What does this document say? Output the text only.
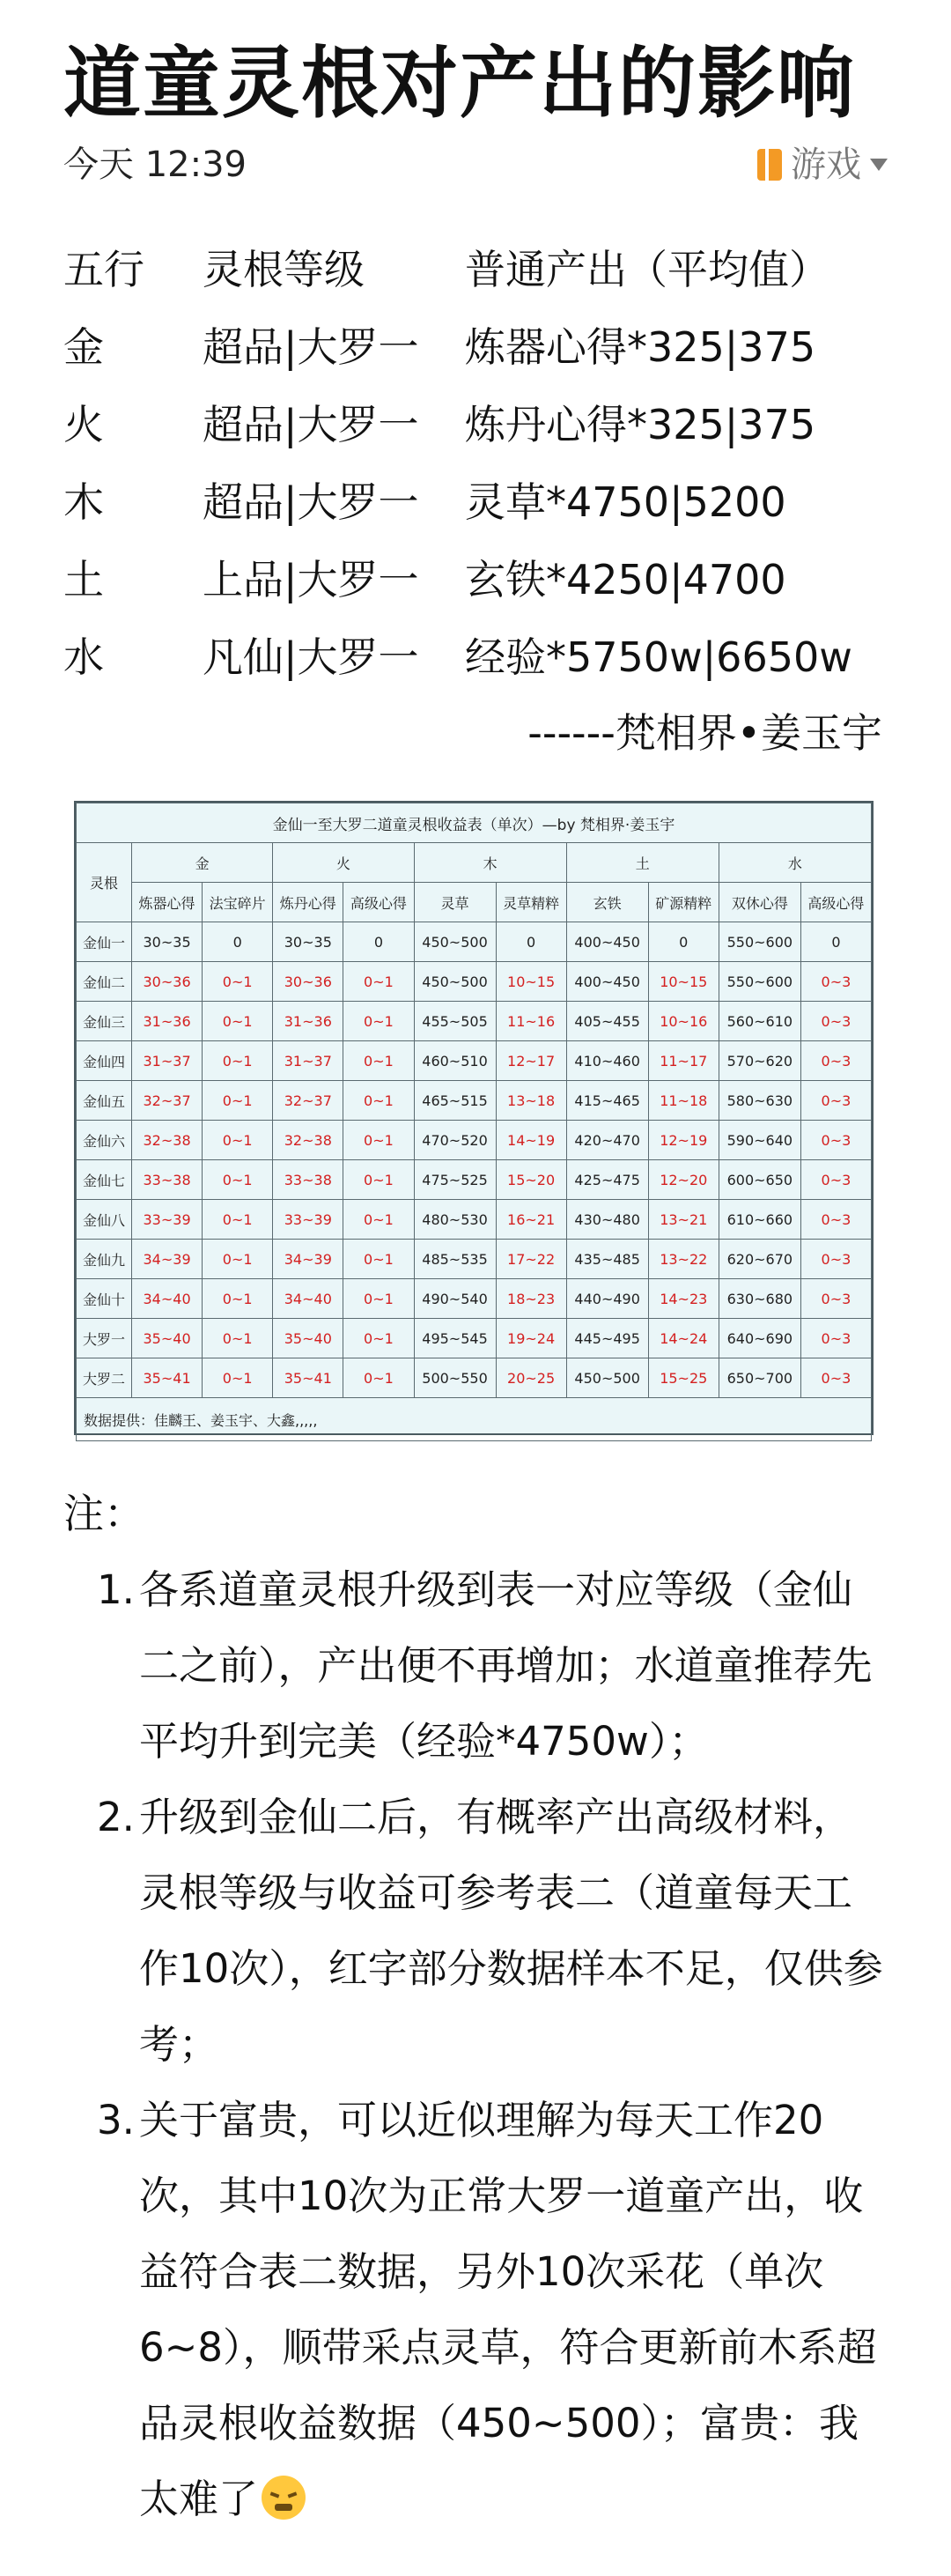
道童灵根对产出的影响
今天 12:39	游戏
五行 灵根等级 普通产出（平均值）
金 超品|大罗一 炼器心得*325|375
火 超品|大罗一 炼丹心得*325|375
木 超品|大罗一 灵草*4750|5200
土 上品|大罗一 玄铁*4250|4700
水 凡仙|大罗一 经验*5750w|6650w
------梵相界•姜玉宇
金仙一至大罗二道童灵根收益表（单次）—by 梵相界·姜玉宇										
灵根	金		火		木		土		水	
	炼器心得	法宝碎片	炼丹心得	高级心得	灵草	灵草精粹	玄铁	矿源精粹	双休心得	高级心得
金仙一	30~35	0	30~35	0	450~500	0	400~450	0	550~600	0
金仙二	30~36	0~1	30~36	0~1	450~500	10~15	400~450	10~15	550~600	0~3
金仙三	31~36	0~1	31~36	0~1	455~505	11~16	405~455	10~16	560~610	0~3
金仙四	31~37	0~1	31~37	0~1	460~510	12~17	410~460	11~17	570~620	0~3
金仙五	32~37	0~1	32~37	0~1	465~515	13~18	415~465	11~18	580~630	0~3
金仙六	32~38	0~1	32~38	0~1	470~520	14~19	420~470	12~19	590~640	0~3
金仙七	33~38	0~1	33~38	0~1	475~525	15~20	425~475	12~20	600~650	0~3
金仙八	33~39	0~1	33~39	0~1	480~530	16~21	430~480	13~21	610~660	0~3
金仙九	34~39	0~1	34~39	0~1	485~535	17~22	435~485	13~22	620~670	0~3
金仙十	34~40	0~1	34~40	0~1	490~540	18~23	440~490	14~23	630~680	0~3
大罗一	35~40	0~1	35~40	0~1	495~545	19~24	445~495	14~24	640~690	0~3
大罗二	35~41	0~1	35~41	0~1	500~550	20~25	450~500	15~25	650~700	0~3
数据提供：佳麟王、姜玉宇、大鑫,,,,,										
注：
1. 各系道童灵根升级到表一对应等级（金仙二之前），产出便不再增加；水道童推荐先平均升到完美（经验*4750w）；
2. 升级到金仙二后，有概率产出高级材料，灵根等级与收益可参考表二（道童每天工作10次），红字部分数据样本不足，仅供参考；
3. 关于富贵，可以近似理解为每天工作20次，其中10次为正常大罗一道童产出，收益符合表二数据，另外10次采花（单次6~8），顺带采点灵草，符合更新前木系超品灵根收益数据（450~500）；富贵：我太难了
